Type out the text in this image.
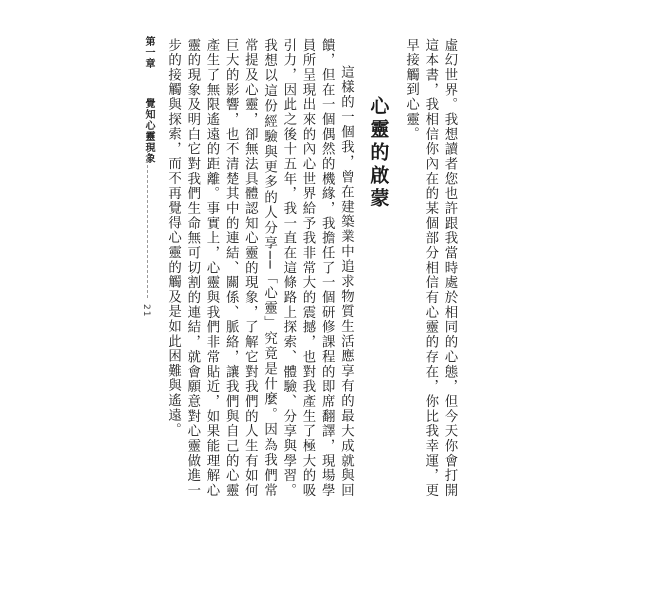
第一章  覺知心靈現象
21	虛幻世界。我想讀者您也許跟我當時處於相同的心態，但今天你會打開這本書，我相信你內在的某個部分相信有心靈的存在，你比我幸運，更早接觸到心靈。

心靈的啟蒙

這樣的一個我，曾在建築業中追求物質生活應享有的最大成就與回饋，但在一個偶然的機緣，我擔任了一個研修課程的即席翻譯，現場學員所呈現出來的內心世界給予我非常大的震撼，也對我產生了極大的吸引力，因此之後十五年，我一直在這條路上探索、體驗、分享與學習。我想以這份經驗與更多的人分享──「心靈」究竟是什麼。因為我們常常提及心靈，卻無法具體認知心靈的現象，了解它對我們的人生有如何巨大的影響，也不清楚其中的連結、關係、脈絡，讓我們與自己的心靈產生了無限遙遠的距離。事實上，心靈與我們非常貼近，如果能理解心靈的現象及明白它對我們生命無可切割的連結，就會願意對心靈做進一步的接觸與探索，而不再覺得心靈的觸及是如此困難與遙遠。
